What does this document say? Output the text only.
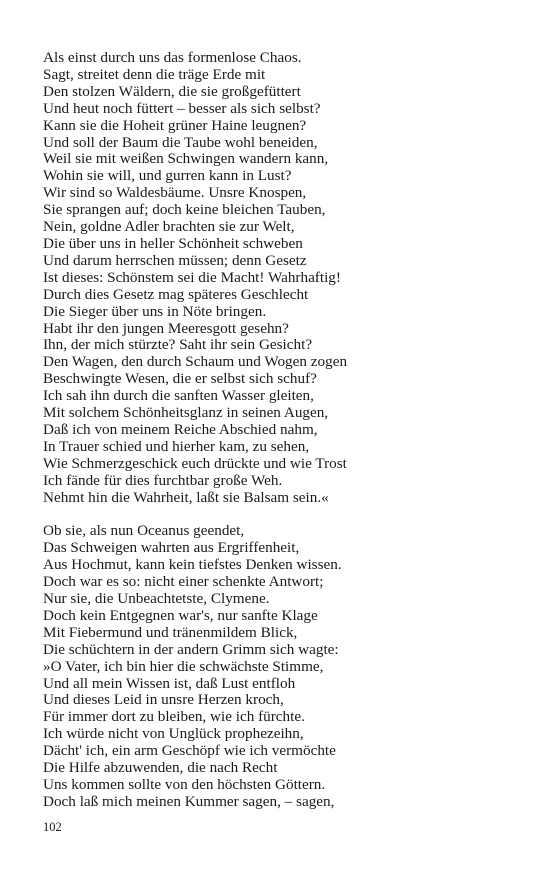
Als einst durch uns das formenlose Chaos.
Sagt, streitet denn die träge Erde mit
Den stolzen Wäldern, die sie großgefüttert
Und heut noch füttert – besser als sich selbst?
Kann sie die Hoheit grüner Haine leugnen?
Und soll der Baum die Taube wohl beneiden,
Weil sie mit weißen Schwingen wandern kann,
Wohin sie will, und gurren kann in Lust?
Wir sind so Waldesbäume. Unsre Knospen,
Sie sprangen auf; doch keine bleichen Tauben,
Nein, goldne Adler brachten sie zur Welt,
Die über uns in heller Schönheit schweben
Und darum herrschen müssen; denn Gesetz
Ist dieses: Schönstem sei die Macht! Wahrhaftig!
Durch dies Gesetz mag späteres Geschlecht
Die Sieger über uns in Nöte bringen.
Habt ihr den jungen Meeresgott gesehn?
Ihn, der mich stürzte? Saht ihr sein Gesicht?
Den Wagen, den durch Schaum und Wogen zogen
Beschwingte Wesen, die er selbst sich schuf?
Ich sah ihn durch die sanften Wasser gleiten,
Mit solchem Schönheitsglanz in seinen Augen,
Daß ich von meinem Reiche Abschied nahm,
In Trauer schied und hierher kam, zu sehen,
Wie Schmerzgeschick euch drückte und wie Trost
Ich fände für dies furchtbar große Weh.
Nehmt hin die Wahrheit, laßt sie Balsam sein.«
Ob sie, als nun Oceanus geendet,
Das Schweigen wahrten aus Ergriffenheit,
Aus Hochmut, kann kein tiefstes Denken wissen.
Doch war es so: nicht einer schenkte Antwort;
Nur sie, die Unbeachtetste, Clymene.
Doch kein Entgegnen war's, nur sanfte Klage
Mit Fiebermund und tränenmildem Blick,
Die schüchtern in der andern Grimm sich wagte:
»O Vater, ich bin hier die schwächste Stimme,
Und all mein Wissen ist, daß Lust entfloh
Und dieses Leid in unsre Herzen kroch,
Für immer dort zu bleiben, wie ich fürchte.
Ich würde nicht von Unglück prophezeihn,
Dächt' ich, ein arm Geschöpf wie ich vermöchte
Die Hilfe abzuwenden, die nach Recht
Uns kommen sollte von den höchsten Göttern.
Doch laß mich meinen Kummer sagen, – sagen,
102
